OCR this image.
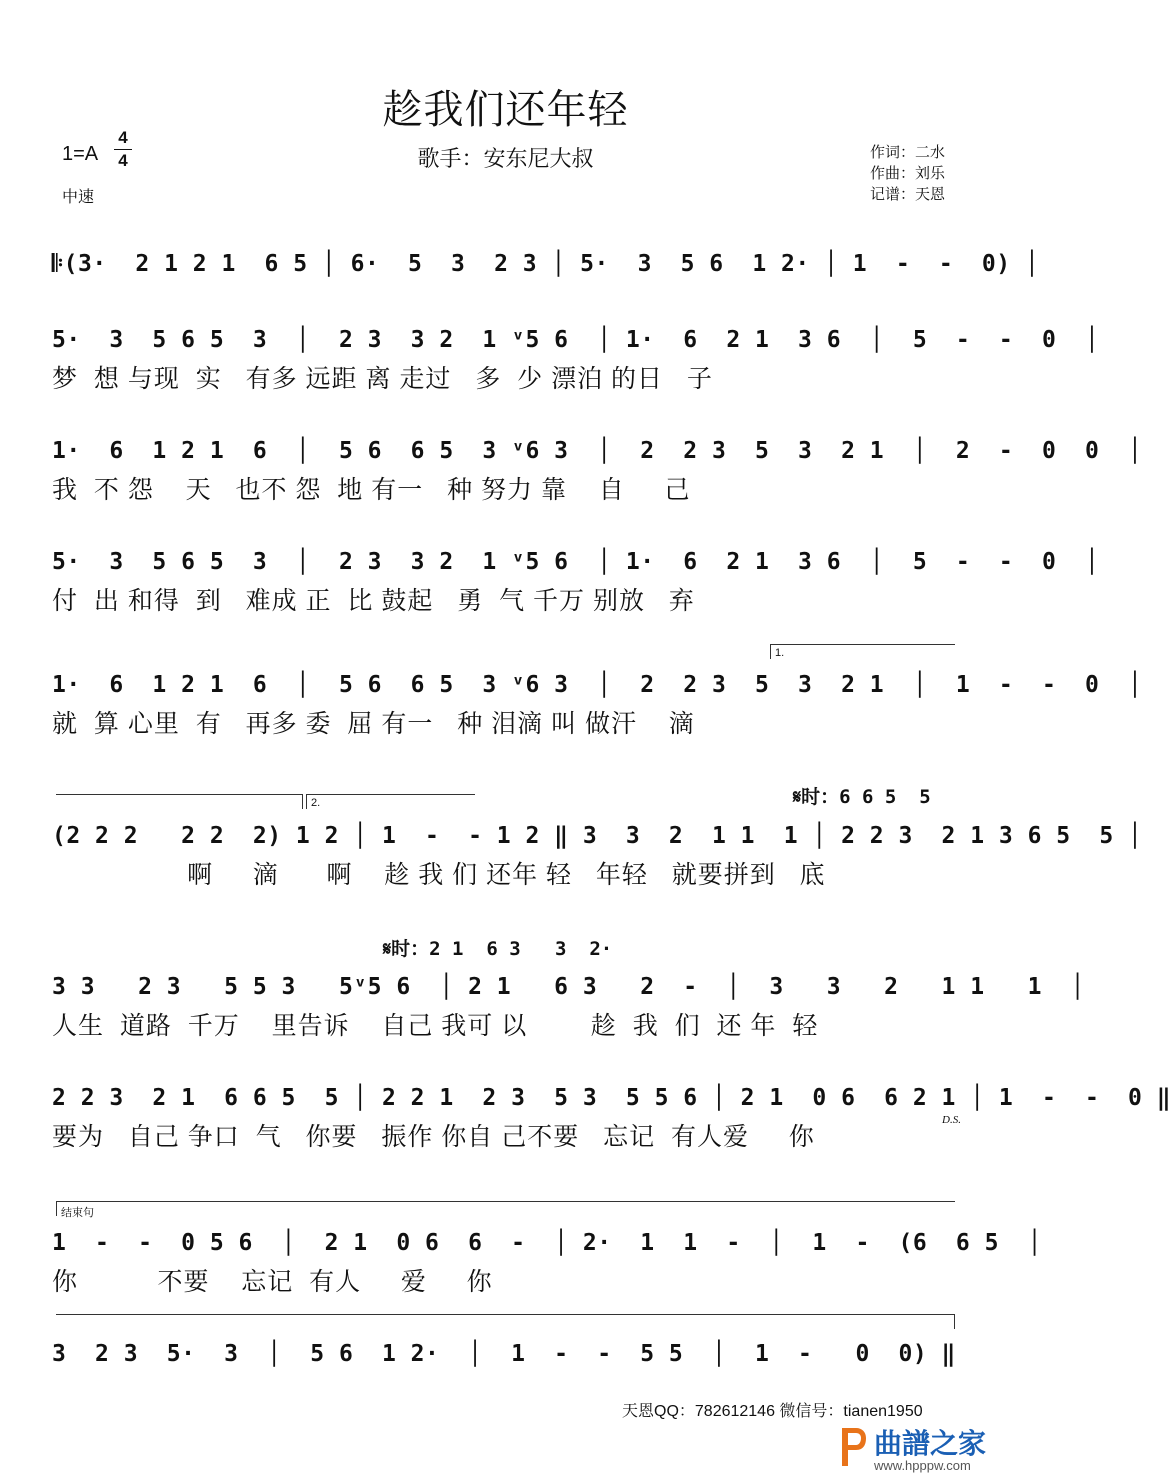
趁我们还年轻
歌手：安东尼大叔
1=A
4
4
中速
作词：二水
作曲：刘乐
记谱：天恩
𝄆(3·  2 1 2 1  6 5 │ 6·  5  3  2 3 │ 5·  3  5 6  1 2· │ 1  -  -  0) │
5·  3  5 6 5  3  │  2 3  3 2  1 ᵛ5 6  │ 1·  6  2 1  3 6  │  5  -  -  0  │
梦  想 与现  实   有多 远距 离 走过   多  少 漂泊 的日   子
1·  6  1 2 1  6  │  5 6  6 5  3 ᵛ6 3  │  2  2 3  5  3  2 1  │  2  -  0  0  │
我  不 怨    天   也不 怨  地 有一   种 努力 靠    自     己
5·  3  5 6 5  3  │  2 3  3 2  1 ᵛ5 6  │ 1·  6  2 1  3 6  │  5  -  -  0  │
付  出 和得  到   难成 正  比 鼓起   勇  气 千万 别放   弃
1.
1·  6  1 2 1  6  │  5 6  6 5  3 ᵛ6 3  │  2  2 3  5  3  2 1  │  1  -  -  0  │
就  算 心里  有   再多 委  屈 有一   种 泪滴 叫 做汗    滴
2.	𝄋时：6 6 5  5
(2 2 2   2 2  2) 1 2 │ 1  -  - 1 2 ‖ 3  3  2  1 1  1 │ 2 2 3  2 1 3 6 5  5 │
啊     滴      啊    趁 我 们 还年 轻   年轻   就要拼到   底
𝄋时：2 1  6 3   3  2·
3 3   2 3   5 5 3   5ᵛ5 6  │ 2 1   6 3   2  -  │  3   3   2   1 1   1  │
人生  道路  千万    里告诉    自己 我可 以        趁  我  们  还 年  轻
2 2 3  2 1  6 6 5  5 │ 2 2 1  2 3  5 3  5 5 6 │ 2 1  0 6  6 2 1 │ 1  -  -  0 ‖
要为   自己 争口  气   你要   振作 你自 己不要   忘记  有人爱     你
D.S.
结束句
1  -  -  0 5 6  │  2 1  0 6  6  -  │ 2·  1  1  -  │  1  -  (6  6 5  │
你          不要    忘记  有人     爱     你
3  2 3  5·  3  │  5 6  1 2·  │  1  -  -  5 5  │  1  -   0  0) ‖
天恩QQ：782612146 微信号：tianen1950
曲譜之家
www.hpppw.com
